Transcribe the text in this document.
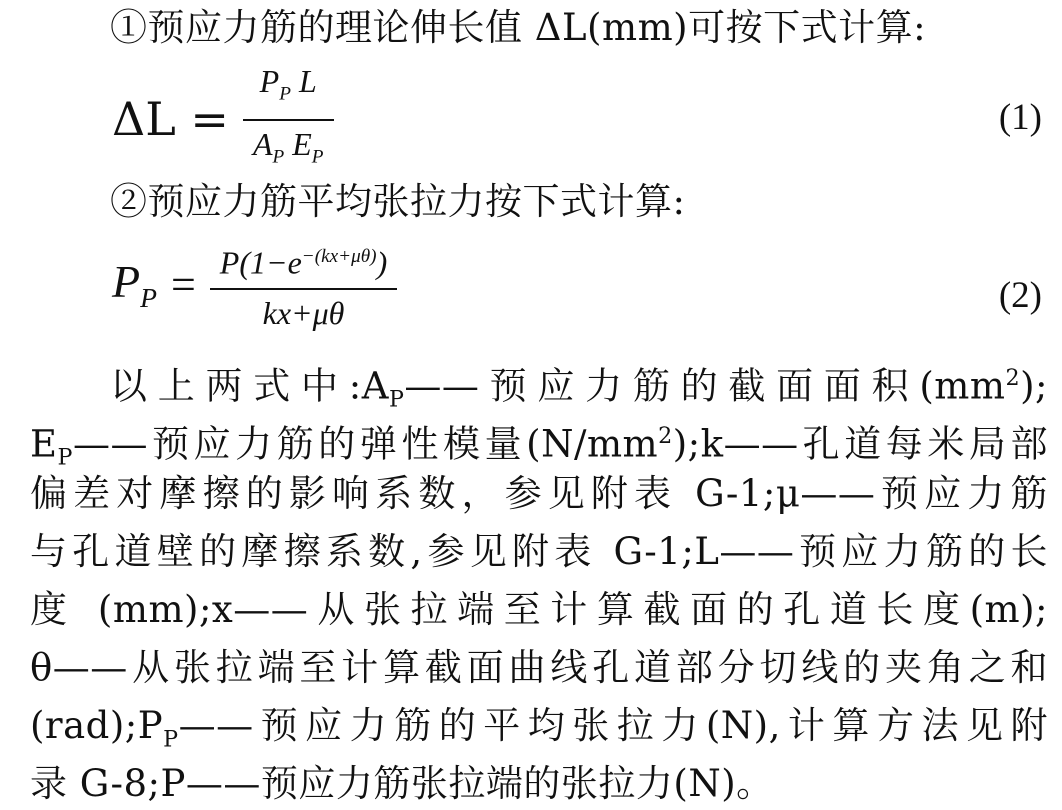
①预应力筋的理论伸长值 ΔL(mm)可按下式计算:
$\Delta L = \frac{P_P L}{A_P E_P}$	(1)
②预应力筋平均张拉力按下式计算:
$P_P = \frac{P(1-e^{-(kx+\mu\theta)})}{kx+\mu\theta}$	(2)
以上两式中$:A_P——$预应力筋的截面面积$(mm^2)$;
$E_P——$预应力筋的弹性模量$(N/mm^2);k——$孔道每米局部
偏差对摩擦的影响系数，参见附表 G-1;μ——预应力筋
与孔道壁的摩擦系数,参见附表 G-1;L——预应力筋的长
度 (mm);x——从张拉端至计算截面的孔道长度(m);
θ——从张拉端至计算截面曲线孔道部分切线的夹角之和
$(rad);P_P——$预应力筋的平均张拉力(N),计算方法见附
录 G-8;P——预应力筋张拉端的张拉力(N)。
